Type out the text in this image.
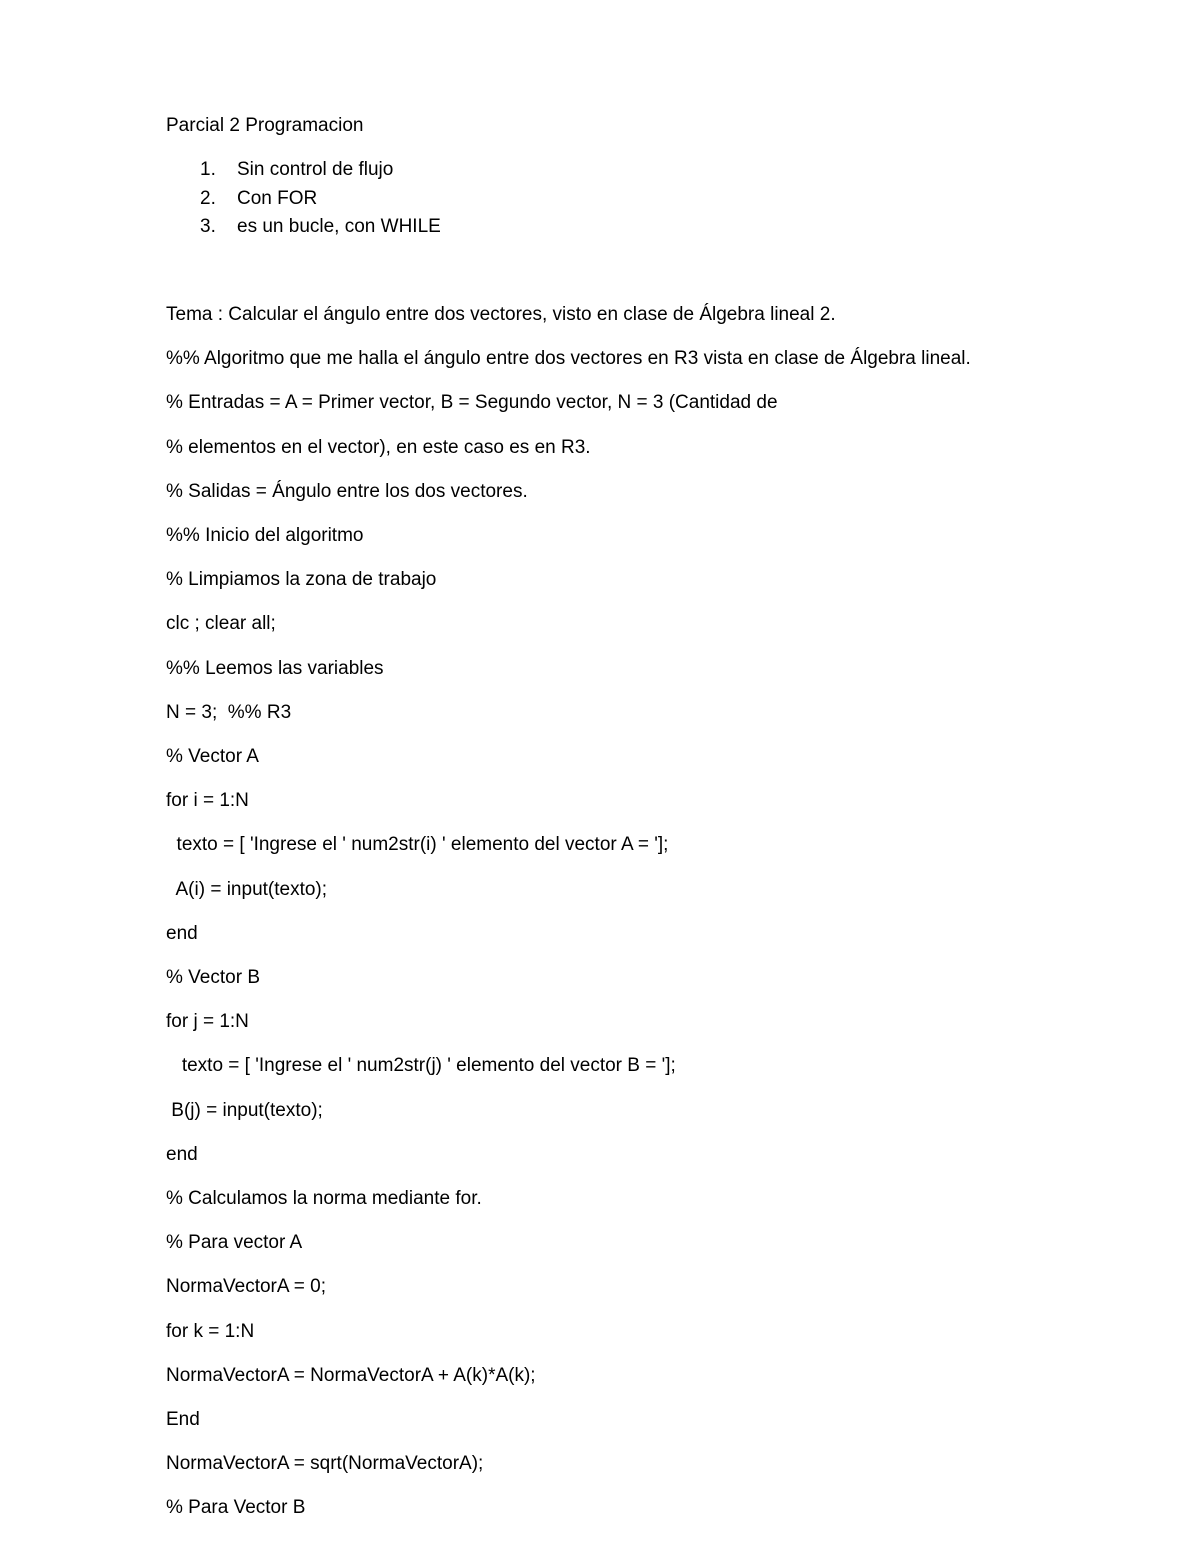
Parcial 2 Programacion
1. Sin control de flujo
2. Con FOR
3. es un bucle, con WHILE
Tema : Calcular el ángulo entre dos vectores, visto en clase de Álgebra lineal 2.
%% Algoritmo que me halla el ángulo entre dos vectores en R3 vista en clase de Álgebra lineal.
% Entradas = A = Primer vector, B = Segundo vector, N = 3 (Cantidad de
% elementos en el vector), en este caso es en R3.
% Salidas = Ángulo entre los dos vectores.
%% Inicio del algoritmo
% Limpiamos la zona de trabajo
clc ; clear all;
%% Leemos las variables
N = 3;  %% R3
% Vector A
for i = 1:N
texto = [ 'Ingrese el ' num2str(i) ' elemento del vector A = '];
A(i) = input(texto);
end
% Vector B
for j = 1:N
texto = [ 'Ingrese el ' num2str(j) ' elemento del vector B = '];
B(j) = input(texto);
end
% Calculamos la norma mediante for.
% Para vector A
NormaVectorA = 0;
for k = 1:N
NormaVectorA = NormaVectorA + A(k)*A(k);
End
NormaVectorA = sqrt(NormaVectorA);
% Para Vector B
